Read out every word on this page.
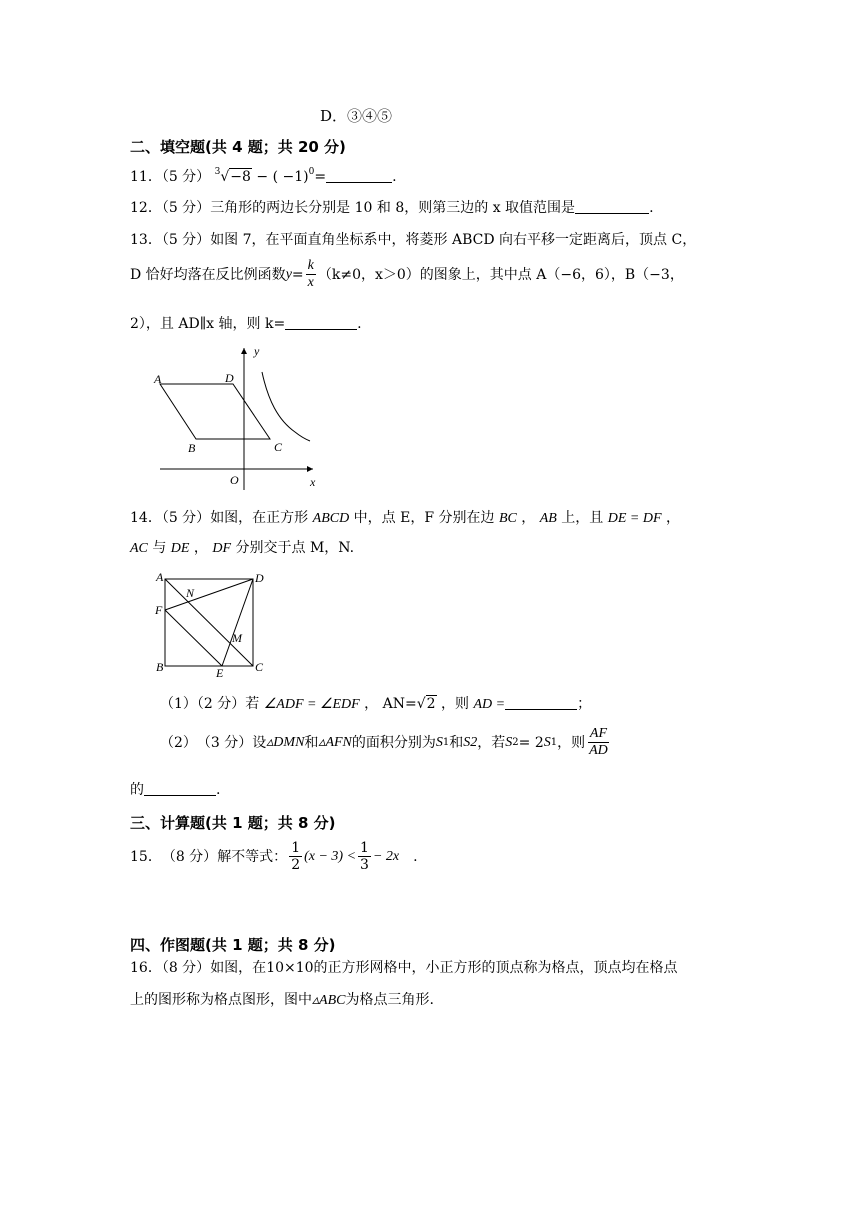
D．③④⑤
二、填空题(共 4 题；共 20 分)
11．（5 分） $^3$√−8 − ( −1)$^0$=	.
12．（5 分）三角形的两边长分别是 10 和 8，则第三边的 x 取值范围是	.
13．（5 分）如图 7，在平面直角坐标系中，将菱形 ABCD 向右平移一定距离后，顶点 C，
D 恰好均落在反比例函数 $y = \frac{k}{x} (k\ne 0$，x＞0）的图象上，其中点 A（−6，6），B（−3，
2），且 AD∥x 轴，则 k=	.
A	D
B	C
O	x
y
14．（5 分）如图，在正方形 ABCD 中，点 E，F 分别在边 BC ， AB 上，且 DE = DF ，
AC 与 DE ， DF 分别交于点 M，N.
A	D
F
N
M
B	E	C
（1）（2 分）若 ∠ADF = ∠EDF ， AN=√2 ，则 AD =	；
（2） （3 分） 设 ▵DMN 和 ▵AFN 的面积分别为 S 1 和 S2 ，若 S 2 = 2 S 1 ，则 $\frac{AF}{AD}$
的	.
三、计算题(共 1 题；共 8 分)
15． （8 分） 解不等式： $\frac{1}{2} (x - 3) < \frac{1}{3} - 2x$ .
四、作图题(共 1 题；共 8 分)
16．（8 分）如图，在10×10的正方形网格中，小正方形的顶点称为格点，顶点均在格点
上的图形称为格点图形，图中▵ABC为格点三角形.
